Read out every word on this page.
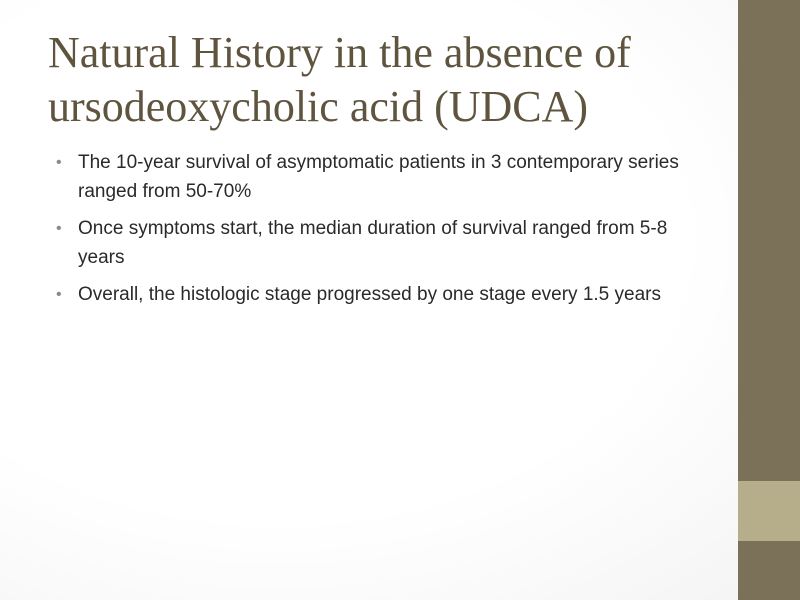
Natural History in the absence of ursodeoxycholic acid (UDCA)
• The 10-year survival of asymptomatic patients in 3 contemporary series ranged from 50-70%
• Once symptoms start, the median duration of survival ranged from 5-8 years
• Overall, the histologic stage progressed by one stage every 1.5 years
